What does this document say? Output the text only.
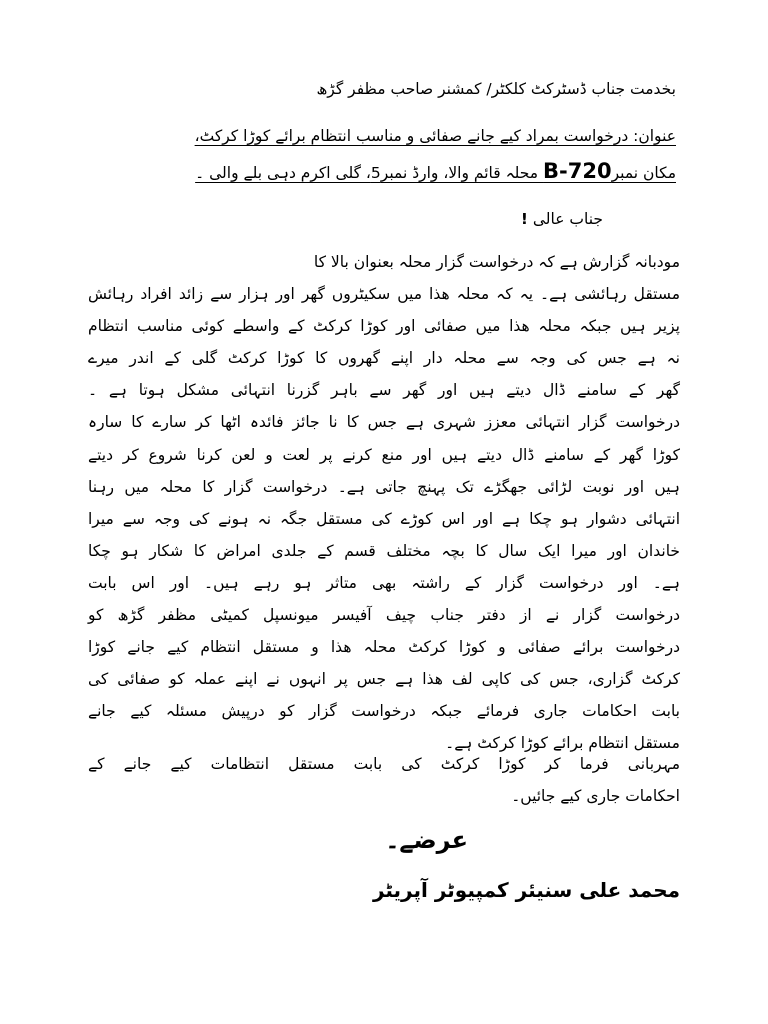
بخدمت جناب ڈسٹرکٹ کلکٹر/ کمشنر صاحب مظفر گڑھ
عنوان: درخواست بمراد کیے جانے صفائی و مناسب انتظام برائے کوڑا کرکٹ،
مکان نمبرB-720 محلہ قائم والا، وارڈ نمبر5، گلی اکرم دہی بلے والی ۔
جناب عالی !
مودبانہ گزارش ہے کہ درخواست گزار محلہ بعنوان بالا کا
مستقل رہائشی ہے۔ یہ کہ محلہ ھذا میں سکیٹروں گھر اور ہزار سے زائد افراد رہائش
پزیر ہیں جبکہ محلہ ھذا میں صفائی اور کوڑا کرکٹ کے واسطے کوئی مناسب انتظام
نہ ہے جس کی وجہ سے محلہ دار اپنے گھروں کا کوڑا کرکٹ گلی کے اندر میرے
گھر کے سامنے ڈال دیتے ہیں اور گھر سے باہر گزرنا انتہائی مشکل ہوتا ہے ۔
درخواست گزار انتہائی معزز شہری ہے جس کا نا جائز فائدہ اٹھا کر سارے کا سارہ
کوڑا گھر کے سامنے ڈال دیتے ہیں اور منع کرنے پر لعت و لعن کرنا شروع کر دیتے
ہیں اور نوبت لڑائی جھگڑے تک پہنچ جاتی ہے۔ درخواست گزار کا محلہ میں رہنا
انتہائی دشوار ہو چکا ہے اور اس کوڑے کی مستقل جگہ نہ ہونے کی وجہ سے میرا
خاندان اور میرا ایک سال کا بچہ مختلف قسم کے جلدی امراض کا شکار ہو چکا
ہے۔ اور درخواست گزار کے راشتہ بھی متاثر ہو رہے ہیں۔ اور اس بابت
درخواست گزار نے از دفتر جناب چیف آفیسر میونسپل کمیٹی مظفر گڑھ کو
درخواست برائے صفائی و کوڑا کرکٹ محلہ ھذا و مستقل انتظام کیے جانے کوڑا
کرکٹ گزاری، جس کی کاپی لف ھذا ہے جس پر انہوں نے اپنے عملہ کو صفائی کی
بابت احکامات جاری فرمائے جبکہ درخواست گزار کو درپیش مسئلہ کیے جانے
مستقل انتظام برائے کوڑا کرکٹ ہے۔
مہربانی فرما کر کوڑا کرکٹ کی بابت مستقل انتظامات کیے جانے کے
احکامات جاری کیے جائیں۔
عرضے۔
محمد علی سنیئر کمپیوٹر آپریٹر
